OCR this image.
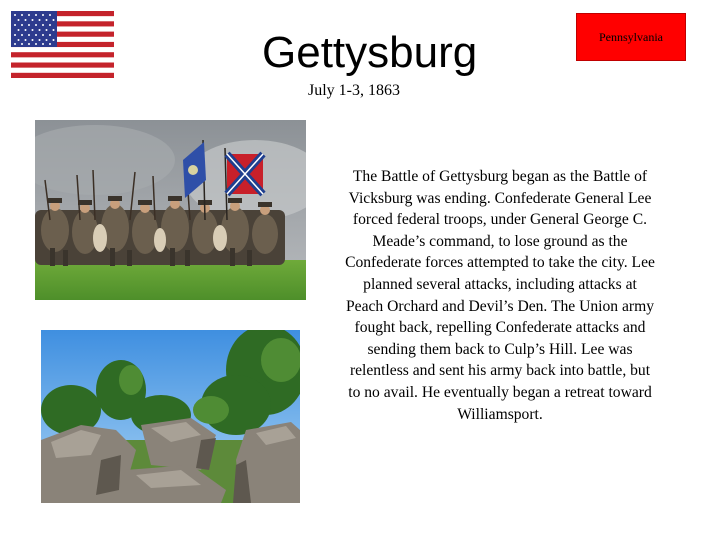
Gettysburg
July 1-3, 1863
Pennsylvania
The Battle of Gettysburg began as the Battle of Vicksburg was ending. Confederate General Lee forced federal troops, under General George C. Meade’s command, to lose ground as the Confederate forces attempted to take the city. Lee planned several attacks, including attacks at Peach Orchard and Devil’s Den. The Union army fought back, repelling Confederate attacks and sending them back to Culp’s Hill. Lee was relentless and sent his army back into battle, but to no avail. He eventually began a retreat toward Williamsport.
